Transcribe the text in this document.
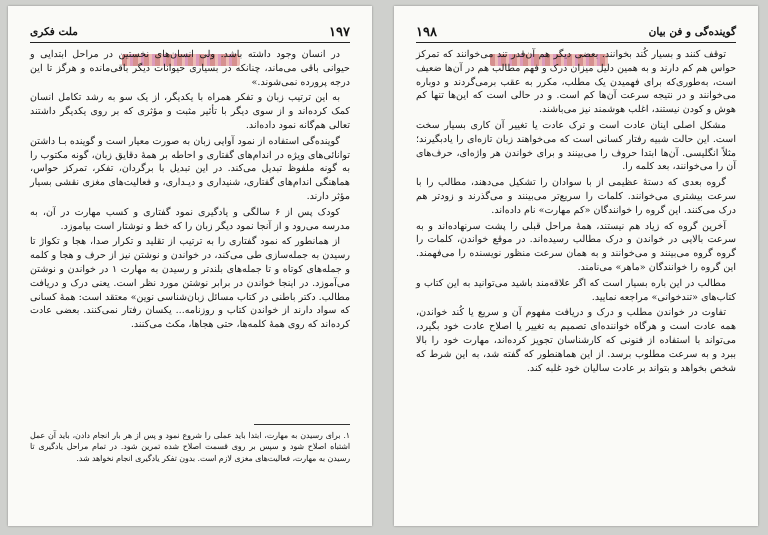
ملت فکری	۱۹۷

در انسان وجود داشته باشد. ولی انسان‌های نخستین در مراحل ابتدایی و حیوانی باقی می‌ماند، چنانکه در بسیاری حیوانات دیگر باقی‌مانده و هرگز تا این درجه پرورده نمی‌شوند.»

به این ترتیب زبان و تفکر همراه با یکدیگر، از یک سو به رشد تکامل انسان کمک کرده‌اند و از سوی دیگر با تأثیر مثبت و مؤثری که بر روی یکدیگر داشتند تعالی هم‌گانه نمود داده‌اند.

گوینده‌گی استفاده از نمود آوایی زبان به صورت معیار است و گوینده بـا داشتن توانائی‌های ویژه در اندام‌های گفتاری و احاطه بر همهٔ دقایق زبان، گونه مکتوب را به گونه ملفوظ تبدیل می‌کند. در این تبدیل با برگردان، تفکر، تمرکز حواس، هماهنگی اندام‌های گفتاری، شنیداری و دیـداری، و فعالیت‌های مغزی نقشی بسیار مؤثر دارند.

کودک پس از ۶ سالگی و یادگیری نمود گفتاری و کسب مهارت در آن، به مدرسه می‌رود و از آنجا نمود دیگر زبان را که خط و نوشتار است بیاموزد.

از همانطور که نمود گفتاری را به ترتیب از تقلید و تکرار صدا، هجا و تکواژ تا رسیدن به جمله‌سازی طی می‌کند، در خواندن و نوشتن نیز از حرف و هجا و کلمه و جمله‌های کوتاه و تا جمله‌های بلندتر و رسیدن به مهارت ۱ در خواندن و نوشتن می‌آموزد. در اینجا خواندن در برابر نوشتن مورد نظر است. یعنی درک و دریافت مطالب. دکتر باطنی در کتاب مسائل زبان‌شناسی نوین» معتقد است: همهٔ کسانی که سواد دارند از خواندن کتاب و روزنامه... یکسان رفتار نمی‌کنند. بعضی عادت کرده‌اند که روی همهٔ کلمه‌ها، حتی هجاها، مکث می‌کنند.

۱. برای رسیدن به مهارت، ابتدا باید عملی را شروع نمود و پس از هر بار انجام دادن، باید آن عمل اشتباه اصلاح شود و سپس بر روی قسمت اصلاح شده تمرین شود. در تمام مراحل یادگیری تا رسیدن به مهارت، فعالیت‌های مغزی لازم است. بدون تفکر یادگیری انجام نخواهد شد.
۱۹۸	گوینده‌گی و فن بیان

توقف کنند و بسیار کُند بخوانند. بعضی دیگر هم آن‌قدر تند می‌خوانند که تمرکز حواس هم کم دارند و به همین دلیل میزان درک و فهم مطالب هم در آن‌ها ضعیف است، به‌طوری‌که برای فهمیدن یک مطلب، مکرر به عقب برمی‌گردند و دوباره می‌خوانند و در نتیجه سرعت آن‌ها کم است. و در حالی است که این‌ها تنها کم هوش و کودن نیستند، اغلب هوشمند نیز می‌باشند.

مشکل اصلی اینان عادت است و ترک عادت یا تغییر آن کاری بسیار سخت است. این حالت شبیه رفتار کسانی است که می‌خواهند زبان تازه‌ای را یادبگیرند؛ مثلاً انگلیسی. آن‌ها ابتدا حروف را می‌بینند و برای خواندن هر واژه‌ای، حرف‌های آن را می‌خوانند، بعد کلمه را.

گروه بعدی که دستهٔ عظیمی از با سوادان را تشکیل می‌دهند، مطالب را با سرعت بیشتری می‌خوانند. کلمات را سریع‌تر می‌بینند و می‌گذرند و زودتر هم درک می‌کنند. این گروه را خوانندگان «کم مهارت» نام داده‌اند.

آخرین گروه که زیاد هم نیستند، همهٔ مراحل قبلی را پشت سرنهاده‌اند و به سرعت بالایی در خواندن و درک مطالب رسیده‌اند. در موقع خواندن، کلمات را گروه گروه می‌بینند و می‌خوانند و به همان سرعت منظور نویسنده را می‌فهمند. این گروه را خوانندگان «ماهر» می‌نامند.

مطالب در این باره بسیار است که اگر علاقه‌مند باشید می‌توانید به این کتاب و کتاب‌های «تندخوانی» مراجعه نمایید.

تفاوت در خواندن مطلب و درک و دریافت مفهوم آن و سریع یا کُند خواندن، همه عادت است و هرگاه خواننده‌ای تصمیم به تغییر یا اصلاح عادت خود بگیرد، می‌تواند با استفاده از فنونی که کارشناسان تجویز کرده‌اند، مهارت خود را بالا ببرد و به سرعت مطلوب برسد. از این هماهنطور که گفته شد، به این شرط که شخص بخواهد و بتواند بر عادت سالیان خود غلبه کند.
